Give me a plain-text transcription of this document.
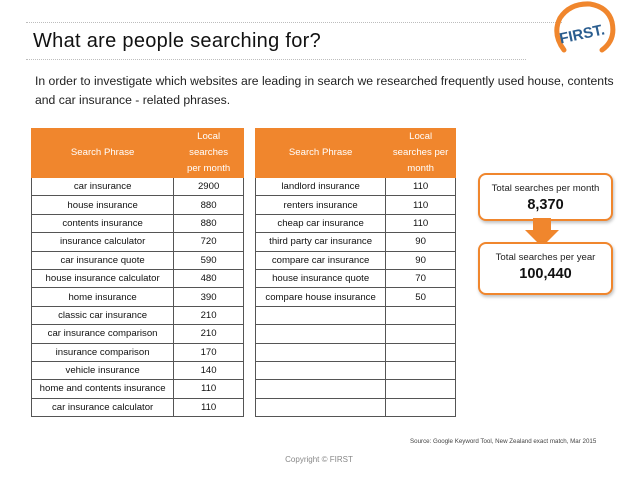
What are people searching for?	FIRST.
In order to investigate which websites are leading in search we researched frequently used house, contents and car insurance - related phrases.
Search Phrase	Local
searches
per month
car insurance	2900
house insurance	880
contents insurance	880
insurance calculator	720
car insurance quote	590
house insurance calculator	480
home insurance	390
classic car insurance	210
car insurance comparison	210
insurance comparison	170
vehicle insurance	140
home and contents insurance	110
car insurance calculator	110
Search Phrase	Local
searches per
month
landlord insurance	110
renters insurance	110
cheap car insurance	110
third party car insurance	90
compare car insurance	90
house insurance quote	70
compare house insurance	50

Total searches per month
8,370
Total searches per year
100,440
Source: Google Keyword Tool, New Zealand exact match, Mar 2015
Copyright © FIRST
